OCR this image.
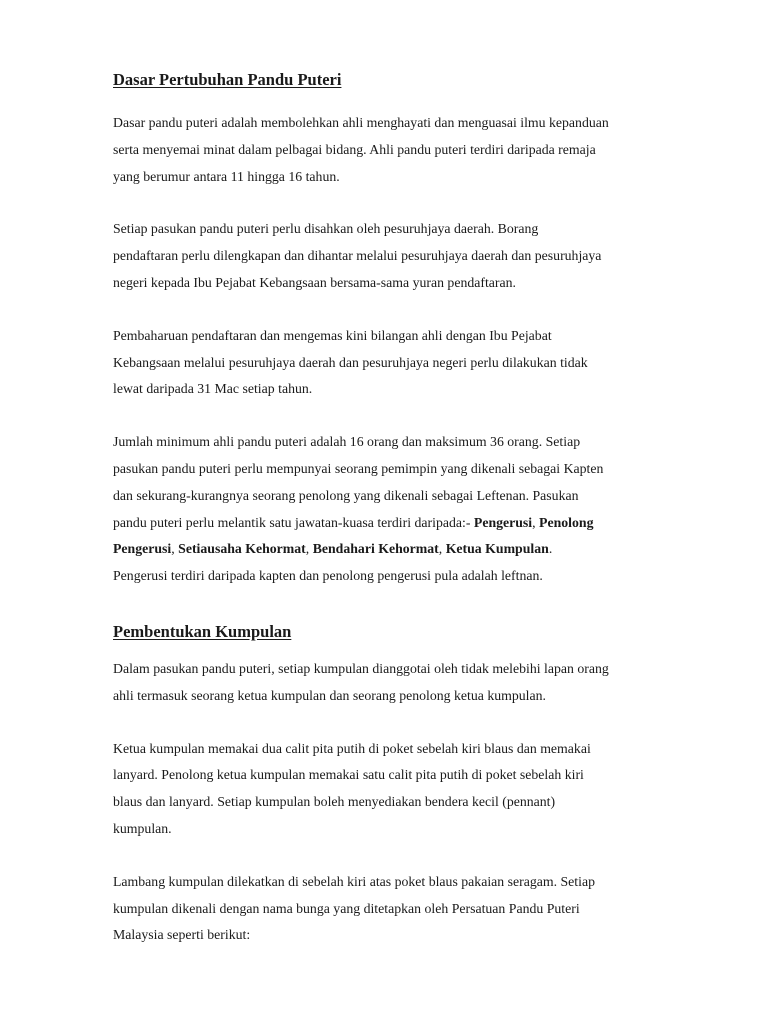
Dasar Pertubuhan Pandu Puteri

Dasar pandu puteri adalah membolehkan ahli menghayati dan menguasai ilmu kepanduan
serta menyemai minat dalam pelbagai bidang. Ahli pandu puteri terdiri daripada remaja
yang berumur antara 11 hingga 16 tahun.

Setiap pasukan pandu puteri perlu disahkan oleh pesuruhjaya daerah. Borang
pendaftaran perlu dilengkapan dan dihantar melalui pesuruhjaya daerah dan pesuruhjaya
negeri kepada Ibu Pejabat Kebangsaan bersama-sama yuran pendaftaran.

Pembaharuan pendaftaran dan mengemas kini bilangan ahli dengan Ibu Pejabat
Kebangsaan melalui pesuruhjaya daerah dan pesuruhjaya negeri perlu dilakukan tidak
lewat daripada 31 Mac setiap tahun.

Jumlah minimum ahli pandu puteri adalah 16 orang dan maksimum 36 orang. Setiap
pasukan pandu puteri perlu mempunyai seorang pemimpin yang dikenali sebagai Kapten
dan sekurang-kurangnya seorang penolong yang dikenali sebagai Leftenan. Pasukan
pandu puteri perlu melantik satu jawatan-kuasa terdiri daripada:- Pengerusi, Penolong
Pengerusi, Setiausaha Kehormat, Bendahari Kehormat, Ketua Kumpulan.
Pengerusi terdiri daripada kapten dan penolong pengerusi pula adalah leftnan.

Pembentukan Kumpulan

Dalam pasukan pandu puteri, setiap kumpulan dianggotai oleh tidak melebihi lapan orang
ahli termasuk seorang ketua kumpulan dan seorang penolong ketua kumpulan.

Ketua kumpulan memakai dua calit pita putih di poket sebelah kiri blaus dan memakai
lanyard. Penolong ketua kumpulan memakai satu calit pita putih di poket sebelah kiri
blaus dan lanyard. Setiap kumpulan boleh menyediakan bendera kecil (pennant)
kumpulan.

Lambang kumpulan dilekatkan di sebelah kiri atas poket blaus pakaian seragam. Setiap
kumpulan dikenali dengan nama bunga yang ditetapkan oleh Persatuan Pandu Puteri
Malaysia seperti berikut:
